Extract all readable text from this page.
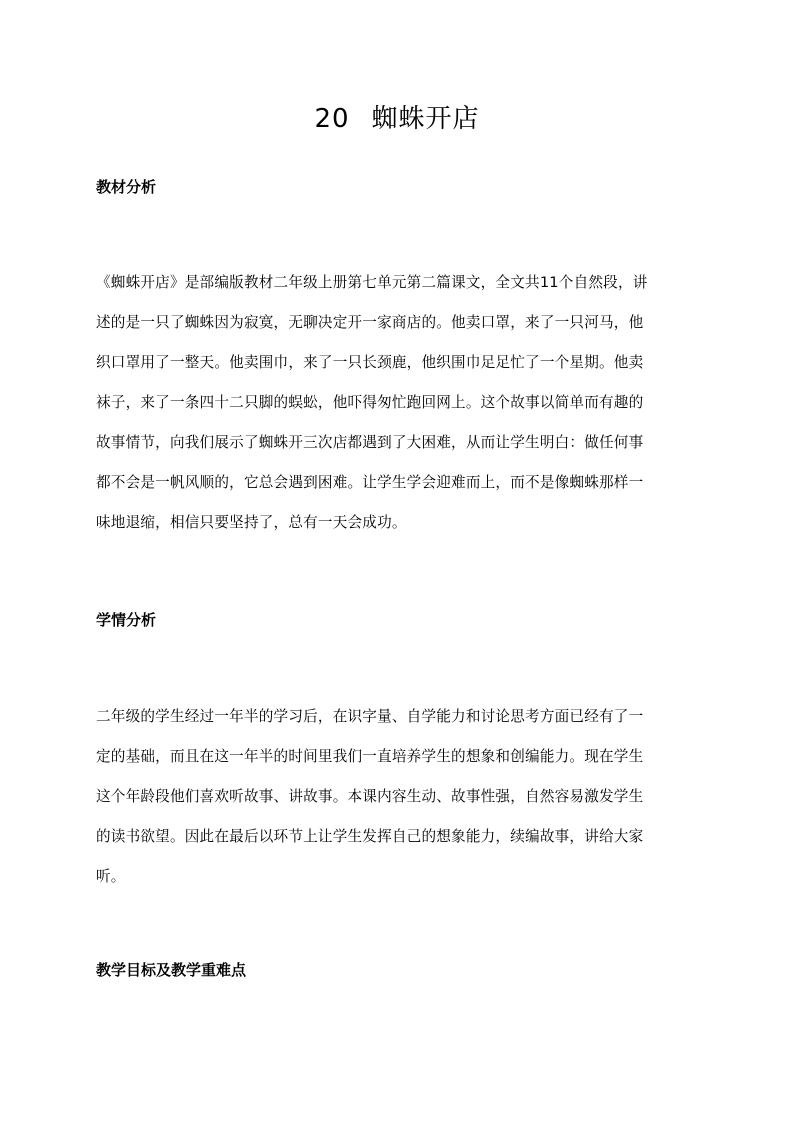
20 蜘蛛开店
教材分析
《蜘蛛开店》是部编版教材二年级上册第七单元第二篇课文，全文共11个自然段，讲
述的是一只了蜘蛛因为寂寞，无聊决定开一家商店的。他卖口罩，来了一只河马，他
织口罩用了一整天。他卖围巾，来了一只长颈鹿，他织围巾足足忙了一个星期。他卖
袜子，来了一条四十二只脚的蜈蚣，他吓得匆忙跑回网上。这个故事以简单而有趣的
故事情节，向我们展示了蜘蛛开三次店都遇到了大困难，从而让学生明白：做任何事
都不会是一帆风顺的，它总会遇到困难。让学生学会迎难而上，而不是像蜘蛛那样一
味地退缩，相信只要坚持了，总有一天会成功。
学情分析
二年级的学生经过一年半的学习后，在识字量、自学能力和讨论思考方面已经有了一
定的基础，而且在这一年半的时间里我们一直培养学生的想象和创编能力。现在学生
这个年龄段他们喜欢听故事、讲故事。本课内容生动、故事性强，自然容易激发学生
的读书欲望。因此在最后以环节上让学生发挥自己的想象能力，续编故事，讲给大家
听。
教学目标及教学重难点
